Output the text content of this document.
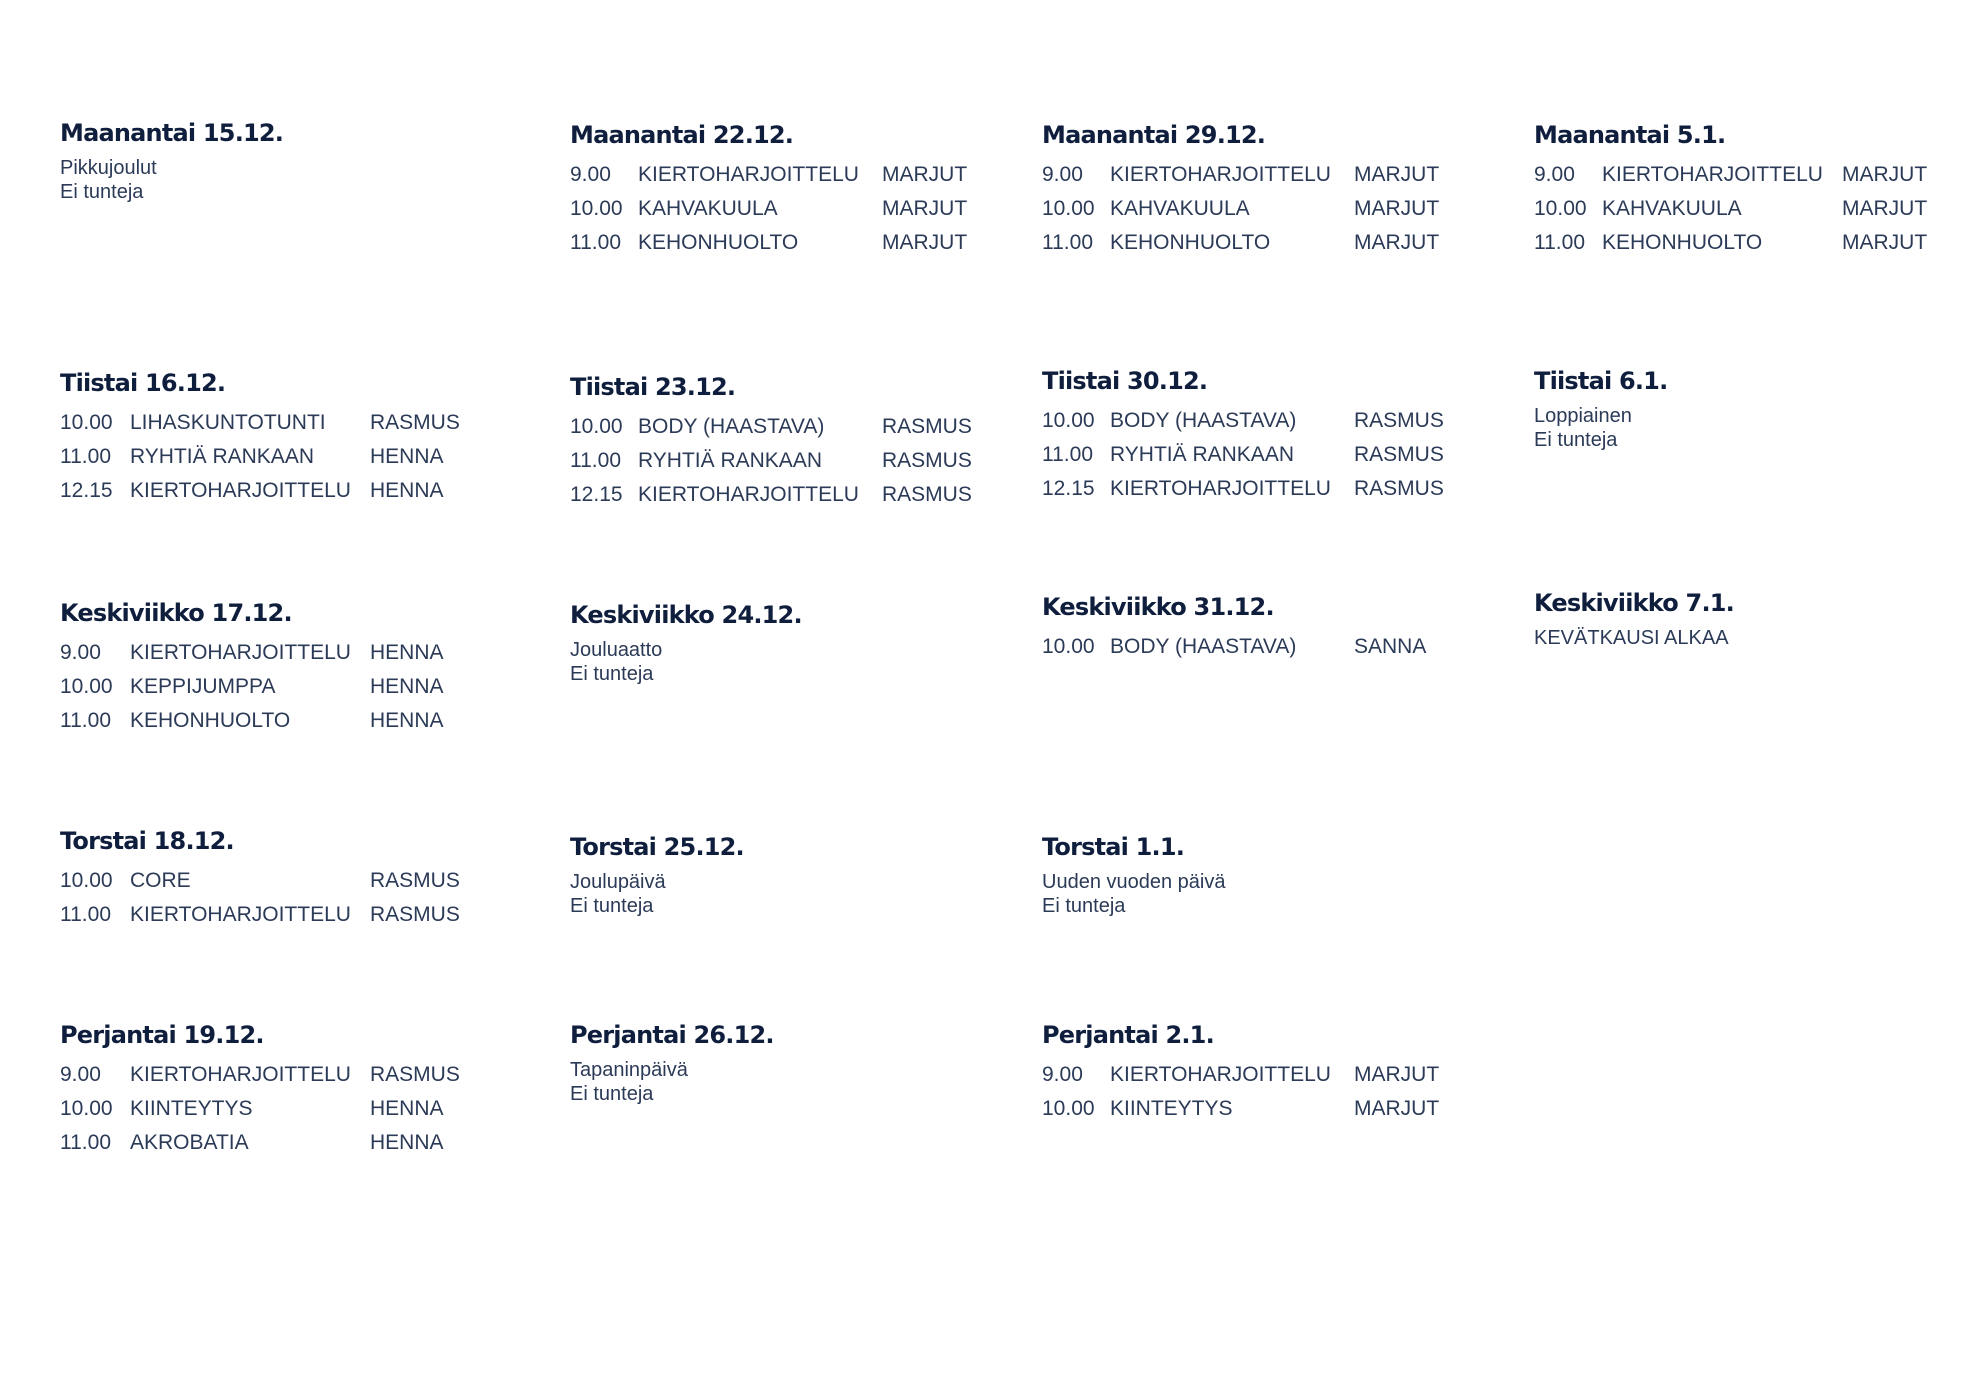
Maanantai 15.12.
Pikkujoulut
Ei tunteja
Tiistai 16.12.
10.00 LIHASKUNTOTUNTI RASMUS
11.00 RYHTIÄ RANKAAN	HENNA
12.15 KIERTOHARJOITTELU HENNA
Keskiviikko 17.12.
9.00 KIERTOHARJOITTELU HENNA
10.00 KEPPIJUMPPA	HENNA
11.00 KEHONHUOLTO	HENNA
Torstai 18.12.
10.00 CORE	RASMUS
11.00 KIERTOHARJOITTELU RASMUS
Perjantai 19.12.
9.00 KIERTOHARJOITTELU RASMUS
10.00 KIINTEYTYS	HENNA
11.00 AKROBATIA	HENNA
Maanantai 22.12.
9.00 KIERTOHARJOITTELU MARJUT
10.00 KAHVAKUULA	MARJUT
11.00 KEHONHUOLTO	MARJUT
Tiistai 23.12.
10.00 BODY (HAASTAVA)	RASMUS
11.00 RYHTIÄ RANKAAN	RASMUS
12.15 KIERTOHARJOITTELU RASMUS
Keskiviikko 24.12.
Jouluaatto
Ei tunteja
Torstai 25.12.
Joulupäivä
Ei tunteja
Perjantai 26.12.
Tapaninpäivä
Ei tunteja
Maanantai 29.12.
9.00 KIERTOHARJOITTELU MARJUT
10.00 KAHVAKUULA	MARJUT
11.00 KEHONHUOLTO	MARJUT
Tiistai 30.12.
10.00 BODY (HAASTAVA)	RASMUS
11.00 RYHTIÄ RANKAAN	RASMUS
12.15 KIERTOHARJOITTELU RASMUS
Keskiviikko 31.12.
10.00 BODY (HAASTAVA)	SANNA
Torstai 1.1.
Uuden vuoden päivä
Ei tunteja
Perjantai 2.1.
9.00 KIERTOHARJOITTELU MARJUT
10.00 KIINTEYTYS	MARJUT
Maanantai 5.1.
9.00 KIERTOHARJOITTELU MARJUT
10.00 KAHVAKUULA	MARJUT
11.00 KEHONHUOLTO	MARJUT
Tiistai 6.1.
Loppiainen
Ei tunteja
Keskiviikko 7.1.
KEVÄTKAUSI ALKAA
